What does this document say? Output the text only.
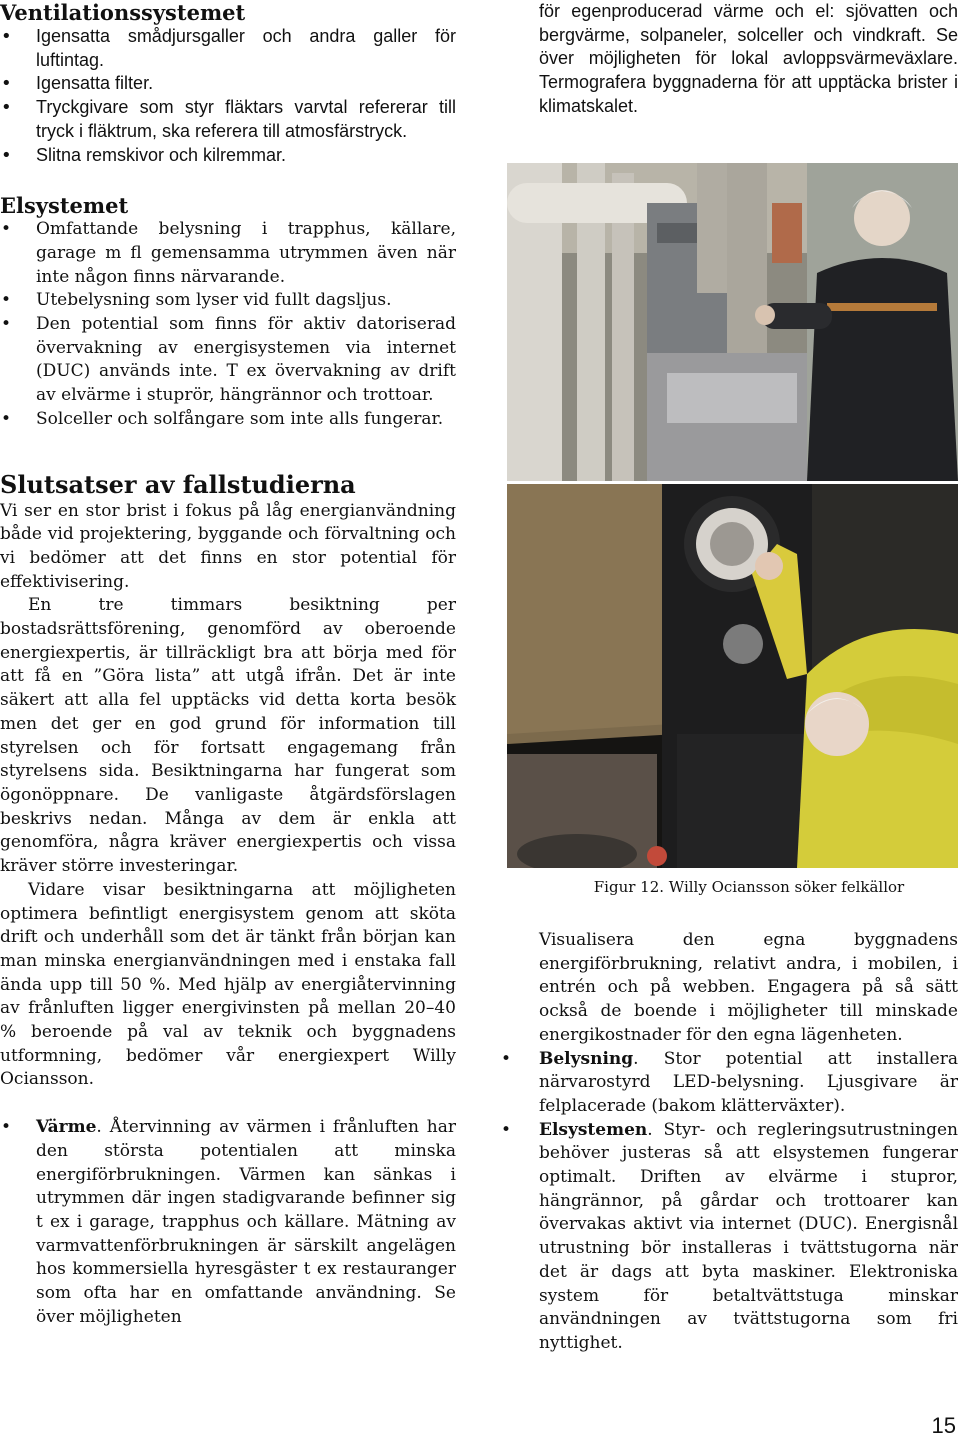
Ventilationssystemet
• Igensatta smådjursgaller och andra galler för luftintag.
• Igensatta filter.
• Tryckgivare som styr fläktars varvtal refererar till tryck i fläktrum, ska referera till atmosfärstryck.
• Slitna remskivor och kilremmar.
Elsystemet
• Omfattande belysning i trapphus, källare, garage m fl gemensamma utrymmen även när inte någon finns närvarande.
• Utebelysning som lyser vid fullt dagsljus.
• Den potential som finns för aktiv datoriserad övervakning av energisystemen via internet (DUC) används inte. T ex övervakning av drift av elvärme i stuprör, hängrännor och trottoar.
• Solceller och solfångare som inte alls fungerar.
Slutsatser av fallstudierna

Vi ser en stor brist i fokus på låg energianvändning både vid projektering, byggande och förvaltning och vi bedömer att det finns en stor potential för effektivisering.

En tre timmars besiktning per bostadsrättsförening, genomförd av oberoende energiexpertis, är tillräckligt bra att börja med för att få en ”Göra lista” att utgå ifrån. Det är inte säkert att alla fel upptäcks vid detta korta besök men det ger en god grund för information till styrelsen och för fortsatt engagemang från styrelsens sida. Besiktningarna har fungerat som ögonöppnare. De vanligaste åtgärdsförslagen beskrivs nedan. Många av dem är enkla att genomföra, några kräver energiexpertis och vissa kräver större investeringar.

Vidare visar besiktningarna att möjligheten optimera befintligt energisystem genom att sköta drift och underhåll som det är tänkt från början kan man minska energianvändningen med i enstaka fall ända upp till 50 %. Med hjälp av energiåtervinning av frånluften ligger energivinsten på mellan 20–40 % beroende på val av teknik och byggnadens utformning, bedömer vår energiexpert Willy Ociansson.

• Värme. Återvinning av värmen i frånluften har den största potentialen att minska energiförbrukningen. Värmen kan sänkas i utrymmen där ingen stadigvarande befinner sig t ex i garage, trapphus och källare. Mätning av varmvattenförbrukningen är särskilt angelägen hos kommersiella hyresgäster t ex restauranger som ofta har en omfattande användning. Se över möjligheten

för egenproducerad värme och el: sjövatten och bergvärme, solpaneler, solceller och vindkraft. Se över möjligheten för lokal avloppsvärmeväxlare. Termografera byggnaderna för att upptäcka brister i klimatskalet.

Figur 12. Willy Ociansson söker felkällor

Visualisera den egna byggnadens energiförbrukning, relativt andra, i mobilen, i entrén och på webben. Engagera på så sätt också de boende i möjligheter till minskade energikostnader för den egna lägenheten.

• Belysning. Stor potential att installera närvarostyrd LED-belysning. Ljusgivare är felplacerade (bakom klätterväxter).
• Elsystemen. Styr- och regleringsutrustningen behöver justeras så att elsystemen fungerar optimalt. Driften av elvärme i stupror, hängrännor, på gårdar och trottoarer kan övervakas aktivt via internet (DUC). Energisnål utrustning bör installeras i tvättstugorna när det är dags att byta maskiner. Elektroniska system för betaltvättstuga minskar användningen av tvättstugorna som fri nyttighet.
15
